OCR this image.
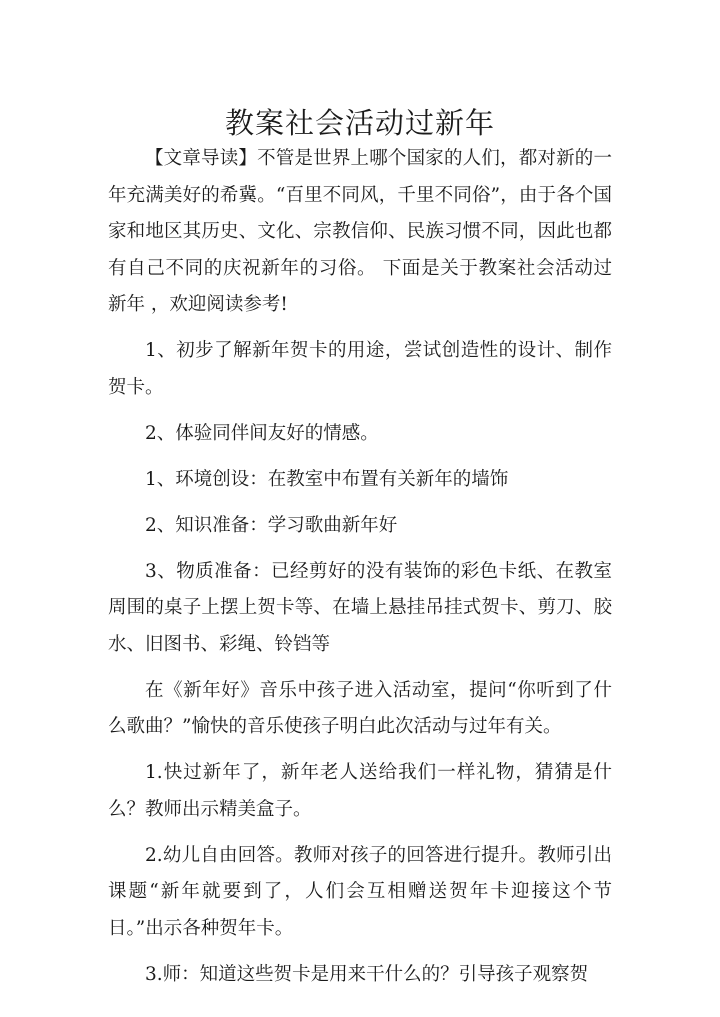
教案社会活动过新年

【文章导读】不管是世界上哪个国家的人们，都对新的一年充满美好的希冀。“百里不同风，千里不同俗”，由于各个国家和地区其历史、文化、宗教信仰、民族习惯不同，因此也都有自己不同的庆祝新年的习俗。 下面是关于教案社会活动过新年 ，欢迎阅读参考!

1、初步了解新年贺卡的用途，尝试创造性的设计、制作贺卡。

2、体验同伴间友好的情感。

1、环境创设：在教室中布置有关新年的墙饰

2、知识准备：学习歌曲新年好

3、物质准备：已经剪好的没有装饰的彩色卡纸、在教室周围的桌子上摆上贺卡等、在墙上悬挂吊挂式贺卡、剪刀、胶水、旧图书、彩绳、铃铛等

在《新年好》音乐中孩子进入活动室，提问“你听到了什么歌曲？”愉快的音乐使孩子明白此次活动与过年有关。

1.快过新年了，新年老人送给我们一样礼物，猜猜是什么？教师出示精美盒子。

2.幼儿自由回答。教师对孩子的回答进行提升。教师引出课题“新年就要到了，人们会互相赠送贺年卡迎接这个节日。”出示各种贺年卡。

3.师：知道这些贺卡是用来干什么的？引导孩子观察贺
